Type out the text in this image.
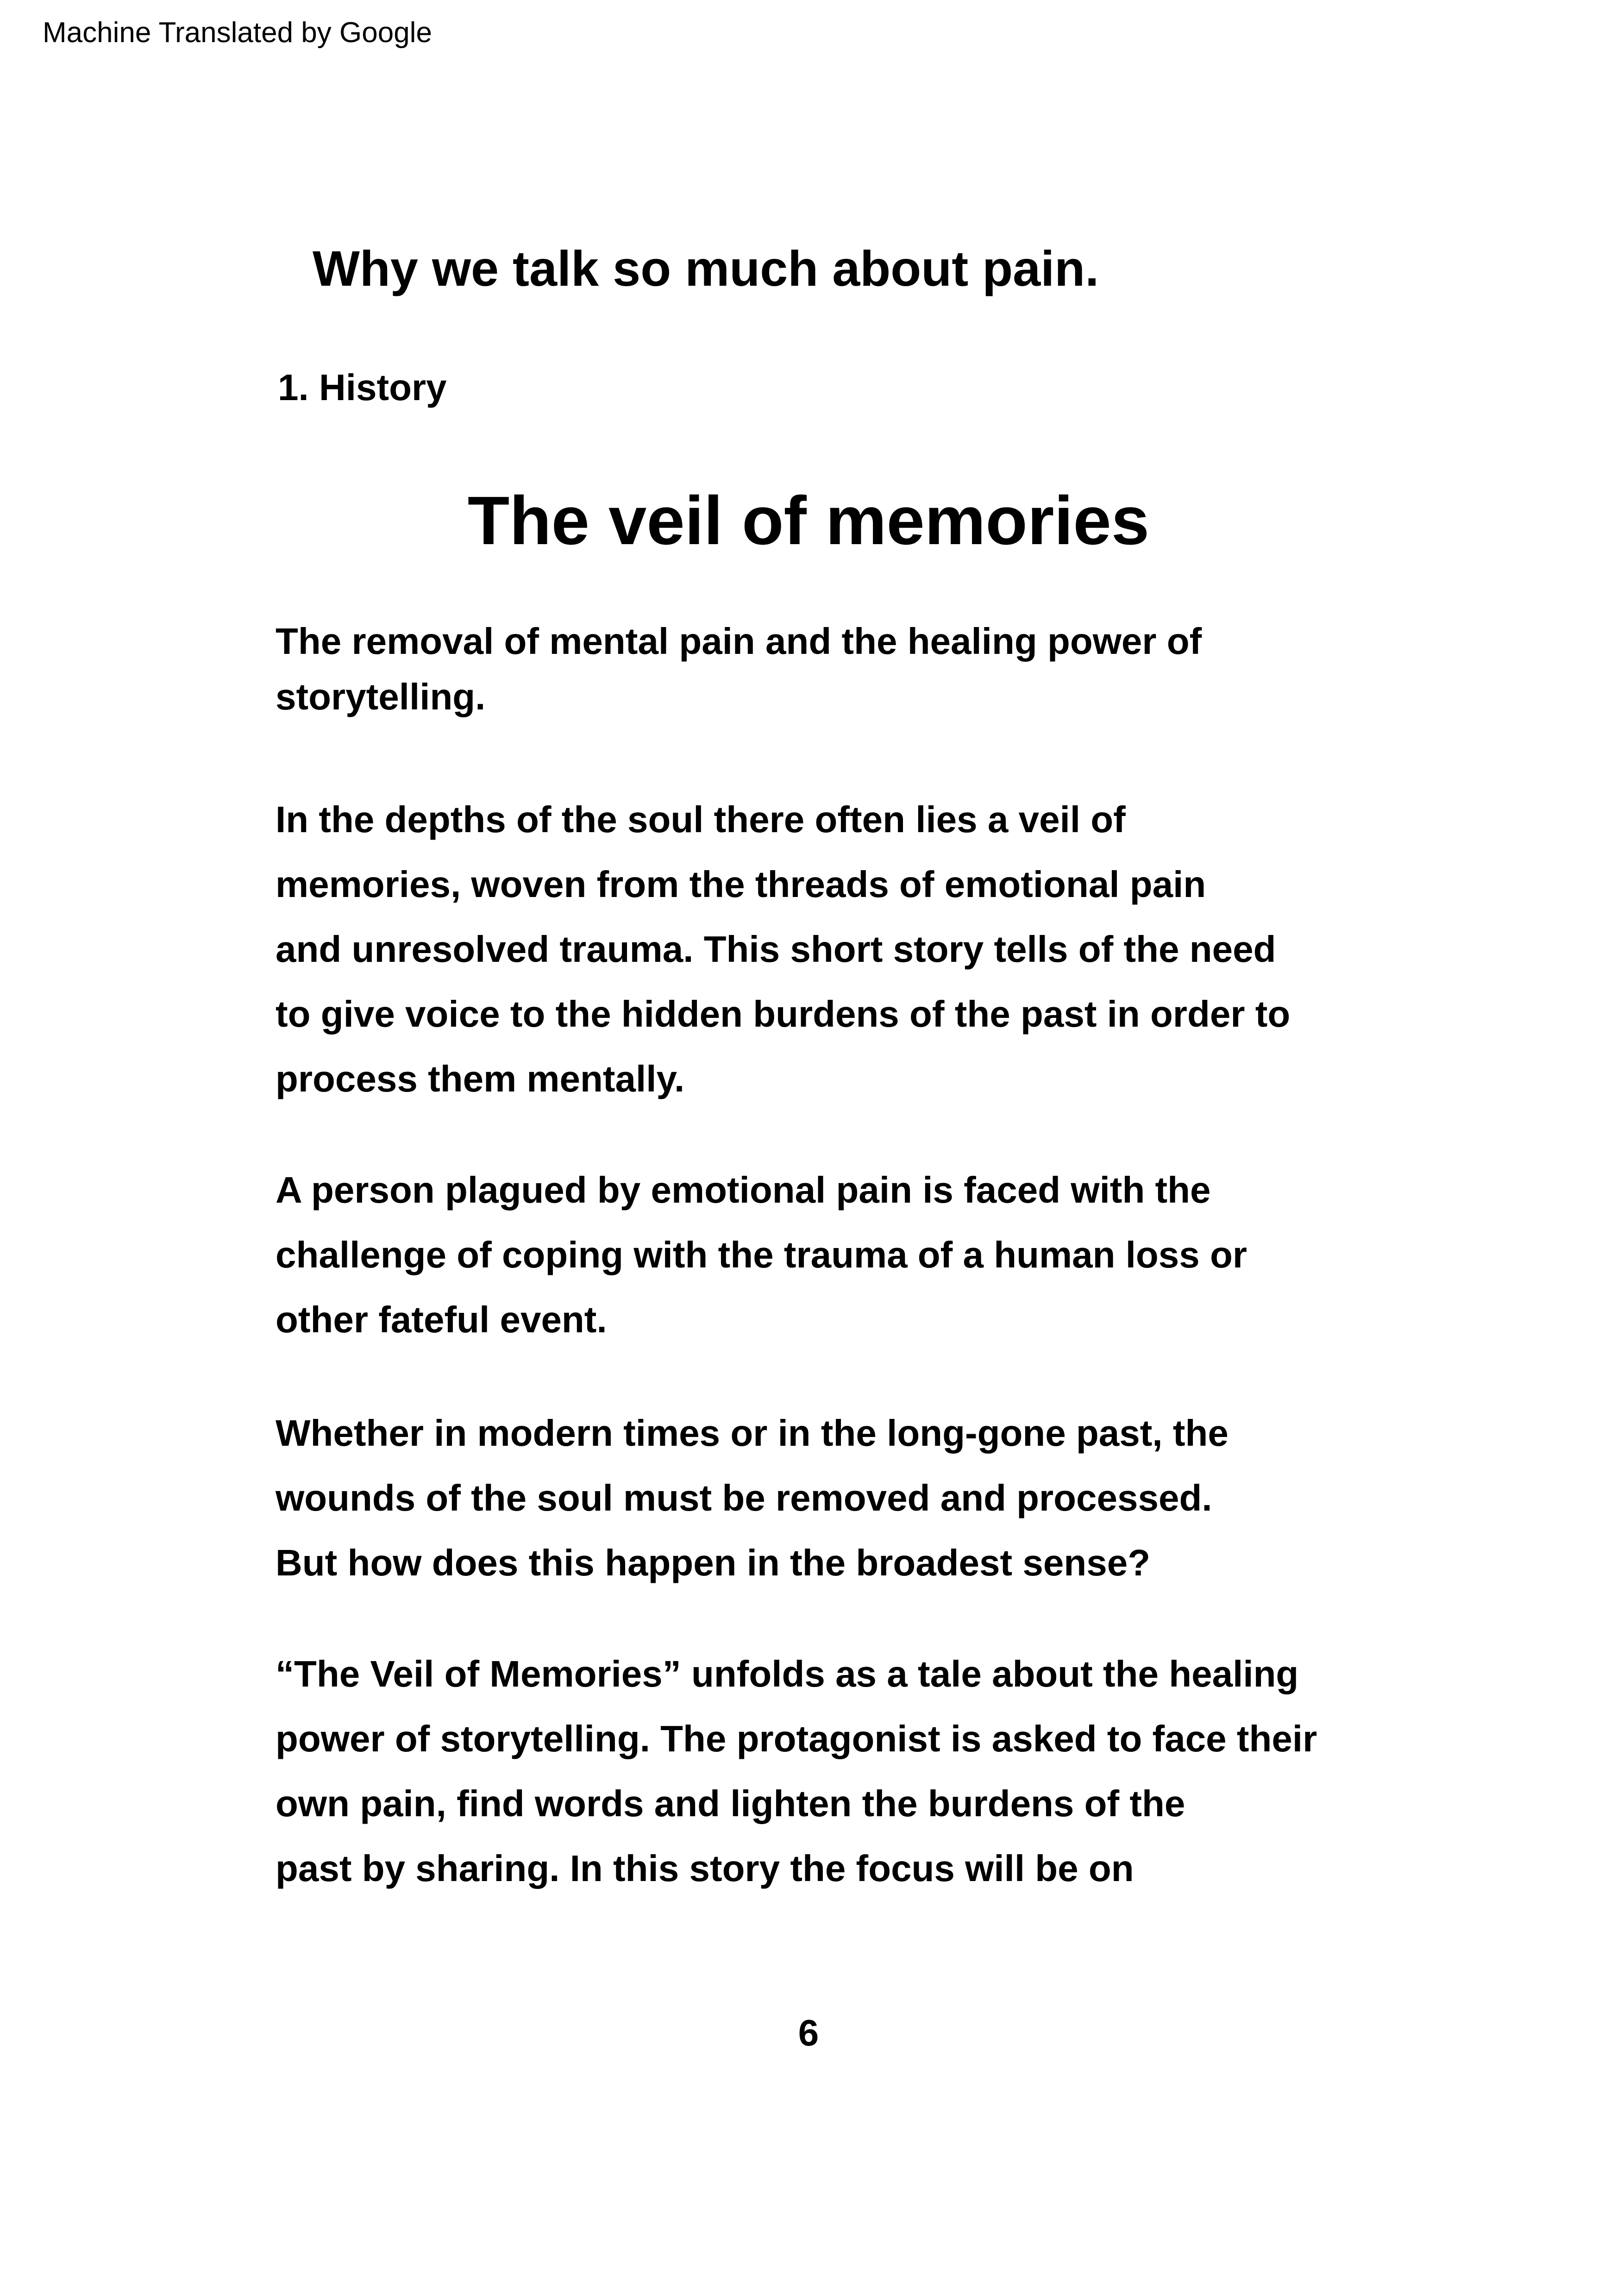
Machine Translated by Google
Why we talk so much about pain.
1. History
The veil of memories
The removal of mental pain and the healing power of
storytelling.
In the depths of the soul there often lies a veil of
memories, woven from the threads of emotional pain
and unresolved trauma. This short story tells of the need
to give voice to the hidden burdens of the past in order to
process them mentally.
A person plagued by emotional pain is faced with the
challenge of coping with the trauma of a human loss or
other fateful event.
Whether in modern times or in the long-gone past, the
wounds of the soul must be removed and processed.
But how does this happen in the broadest sense?
“The Veil of Memories” unfolds as a tale about the healing
power of storytelling. The protagonist is asked to face their
own pain, find words and lighten the burdens of the
past by sharing. In this story the focus will be on
6
